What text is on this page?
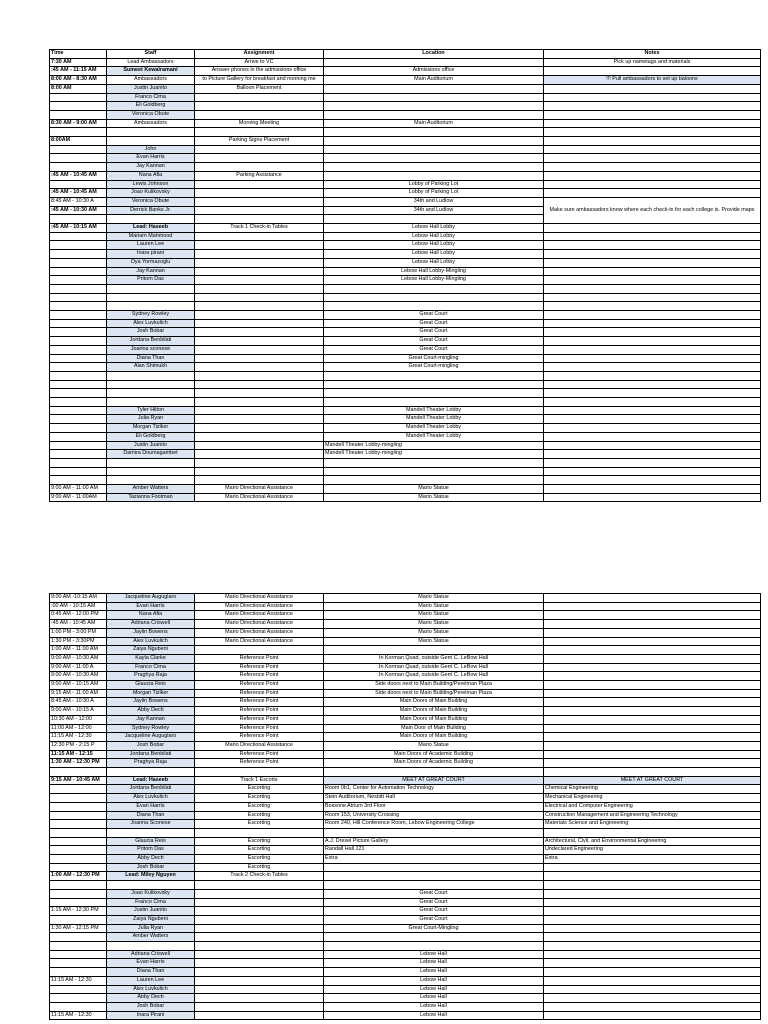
Time	Staff	Assignment	Location	Notes
7:30 AM	Lead Ambassadors	Arrive to VC		Pick up nametags and materials
:45 AM - 11:15 AM	Sumeet Kewalramani	Answer phones in the admissions office	Admissions office	
8:00 AM - 8:30 AM	Ambassadors	to Picture Gallery for breakfast and morning me	Main Auditorium	!!! Pull ambassadors to set up baloons
8:00 AM	Justin Juanito	Balloon Placement		
	Franco Cima			
	Eli Goldberg			
	Veronica Obute			
8:30 AM - 9:00 AM	Ambassadors	Morning Meeting	Main Auditorium	

8:00AM		Parking Signs Placement		
	John			
	Evan Harris			
	Jay Kannan			
:45 AM - 10:45 AM	Nana Afia	Parking Assistance		
	Lewis Johnson		Lobby of Parking Lot	
:45 AM - 10:45 AM	Joao Kulikovsky		Lobby of Parking Lot	
8:45 AM - 10:30 A	Veronica Obute		34th and Ludlow	Make sure ambassadors know where each check-in for each college is. Provide maps
:45 AM - 10:30 AM	Derrick Banks Jr.		34th and Ludlow	

:45 AM - 10:15 AM	Lead: Haseeb	Track 1 Check-in Tables	Lebow Hall Lobby	
	Mariam Mahmood		Lebow Hall Lobby	
	Lauren Lee		Lebow Hall Lobby	
	Inara pirani		Lebow Hall Lobby	
	Oya Yormazoglu		Lebow Hall Lobby	
	Jay Kannan		Lebow Hall Lobby-Mingling	
	Pritom Das		Lebow Hall Lobby-Mingling	

	Sydney Rowley		Great Court	
	Alex Luvkulich		Great Court	
	Josh Bobar		Great Court	
	Jordana Benbilati		Great Court	
	Joanna sconese		Great Court	
	Diana Than		Great Court-mingling	
	Alan Shimukh		Great Court-mingling	

	Tyler Hilton		Mandell Theater Lobby	
	Julia Ryan		Mandell Theater Lobby	
	Morgan Tizlker		Mandell Theater Lobby	
	Eli Goldberg		Mandell Theater Lobby	
	Justin Juanito		Mandell Theater Lobby-mingling	
	Damira Doumagambet		Mandell Theater Lobby-mingling	

9:00 AM - 11:00 AM	Amber Watters	Mario Directional Assistance	Mario Statue	
9:00 AM - 11:00AM	Tazianna Footman	Mario Directional Assistance	Mario Statue	
9:00 AM -10:15 AM	Jacqueline Auguglaro	Mario Directional Assistance	Mario Statue	
:00 AM - 10:15 AM	Evan Harris	Mario Directional Assistance	Mario Statue	
0:45 AM - 12:00 PM	Nana Afia	Mario Directional Assistance	Mario Statue	
:45 AM - 10:45 AM	Adriana Criswell	Mario Directional Assistance	Mario Statue	
1:00 PM - 3:00 PM	Jaylin Bowens	Mario Directional Assistance	Mario Statue	
1:30 PM - 3:30PM	Alex Luvkulich	Mario Directional Assistance	Mario Statue	
1:00 AM - 11:00 AM	Zaiya Ngubeni			
9:00 AM - 10:30 AM	Kayla Clarke	Reference Point	In Korman Quad, outside Gerri C. LeBow Hall	
9:00 AM - 11:00 A	Franco Cima	Reference Point	In Korman Quad, outside Gerri C. LeBow Hall	
9:00 AM - 10:30 AM	Praghya Raja	Reference Point	In Korman Quad, outside Gerri C. LeBow Hall	
9:00 AM - 10:15 AM	Glaucia Reis	Reference Point	Side doors next to Main Building/Perelman Plaza	
9:15 AM - 11:00 AM	Morgan Tizlker	Reference Point	Side doors next to Main Building/Perelman Plaza	
8:45 AM - 10:30 A	Jaylin Bowens	Reference Point	Main Doors of Main Building	
9:00 AM - 10:15 A	Abby Dech	Reference Point	Main Doors of Main Building	
10:30 AM - 12:00	Jay Kannan	Reference Point	Main Doors of Main Building	
11:00 AM - 12:00	Sydney Rowley	Reference Point	Main Door of Main Building	
11:15 AM - 12:30	Jacqueline Auguglaro	Reference Point	Main Doors of Main Building	
12:30 PM - 2:15 P	Josh Bobar	Mario Directional Assistance	Mario Statue	
11:15 AM - 12:15	Jordana Benbilati	Reference Point	Main Doors of Academic Building	
1:30 AM - 12:30 PM	Praghya Raja	Reference Point	Main Doors of Academic Building	

9:15 AM - 10:45 AM	Lead: Haseeb	Track 1 Escorts	MEET AT GREAT COURT	MEET AT GREAT COURT
	Jordana Benbilati	Escorting	Room 0b1, Center for Automation Technology	Chemical Engineering
	Alex Luvkulich	Escorting	Stein Auditorium, Nesbitt Hall	Mechanical Engineering
	Evan Harris	Escorting	Bossone Atrium 3rd Floor	Electrical and Computer Engineering
	Diana Than	Escorting	Room 153, University Crossing	Construction Management and Engineering Technology
	Joanna Sconese	Escorting	Room 240, Hill Conference Room, Lebow Engineering College	Materials Science and Engineering

	Glaucia Reis	Escorting	A.J. Drexel Picture Gallery	Architectural, Civil, and Environmental Engineering
	Pritom Das	Escorting	Randall Hall 121	Undeclared Engineering
	Abby Dech	Escorting	Extra	Extra
	Josh Bobar	Escorting		
1:00 AM - 12:30 PM	Lead: Miley Nguyen	Track 2 Check-in Tables		

	Joao Kulikovsky		Great Court	
	Franco Cima		Great Court	
1:15 AM - 12:30 PM	Justin Juanito		Great Court	
	Zaiya Ngubeni		Great Court	
1:30 AM - 12:15 PM	Julia Ryan		Great Court-Mingling	
	Amber Watters			

	Adriana Criswell		Lebow Hall	
	Evan Harris		Lebow Hall	
	Diana Than		Lebow Hall	
11:15 AM - 12:30	Lauren Lee		Lebow Hall	
	Alex Luvkulich		Lebow Hall	
	Abby Dech		Lebow Hall	
	Josh Bobar		Lebow Hall	
11:15 AM - 12:30	Inara Pirani		Lebow Hall	
